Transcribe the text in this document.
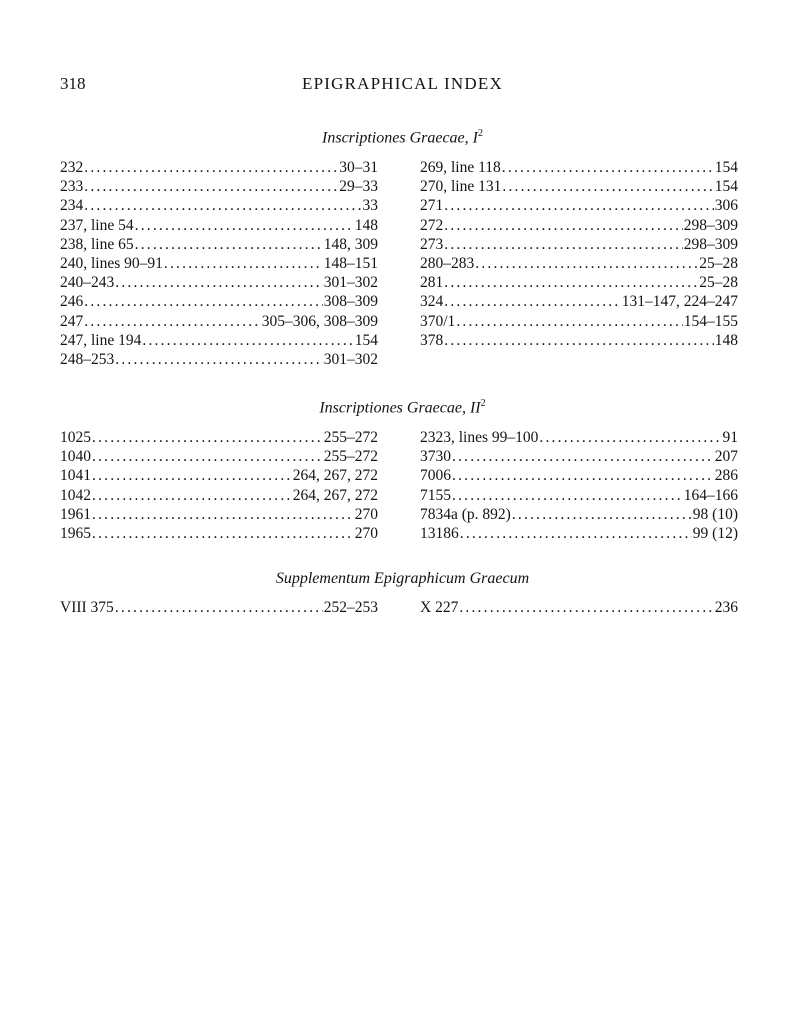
318	EPIGRAPHICAL INDEX
Inscriptiones Graecae, $I^2$
232 .....	30–31
233 .....	29–33
234 .....	33
237, line 54 .....	148
238, line 65 .....	148, 309
240, lines 90–91 .....	148–151
240–243 .....	301–302
246 .....	308–309
247 .....	305–306, 308–309
247, line 194 .....	154
248–253 .....	301–302
269, line 118 .....	154
270, line 131 .....	154
271 .....	306
272 .....	298–309
273 .....	298–309
280–283 .....	25–28
281 .....	25–28
324 .....	131–147, 224–247
370/1 .....	154–155
378 .....	148
Inscriptiones Graecae, $II^2$
1025 .....	255–272
1040 .....	255–272
1041 .....	264, 267, 272
1042 .....	264, 267, 272
1961 .....	270
1965 .....	270
2323, lines 99–100 .....	91
3730 .....	207
7006 .....	286
7155 .....	164–166
7834a (p. 892) .....	98 (10)
13186 .....	99 (12)
Supplementum Epigraphicum Graecum
VIII 375 .....	252–253	X 227 .....	236
